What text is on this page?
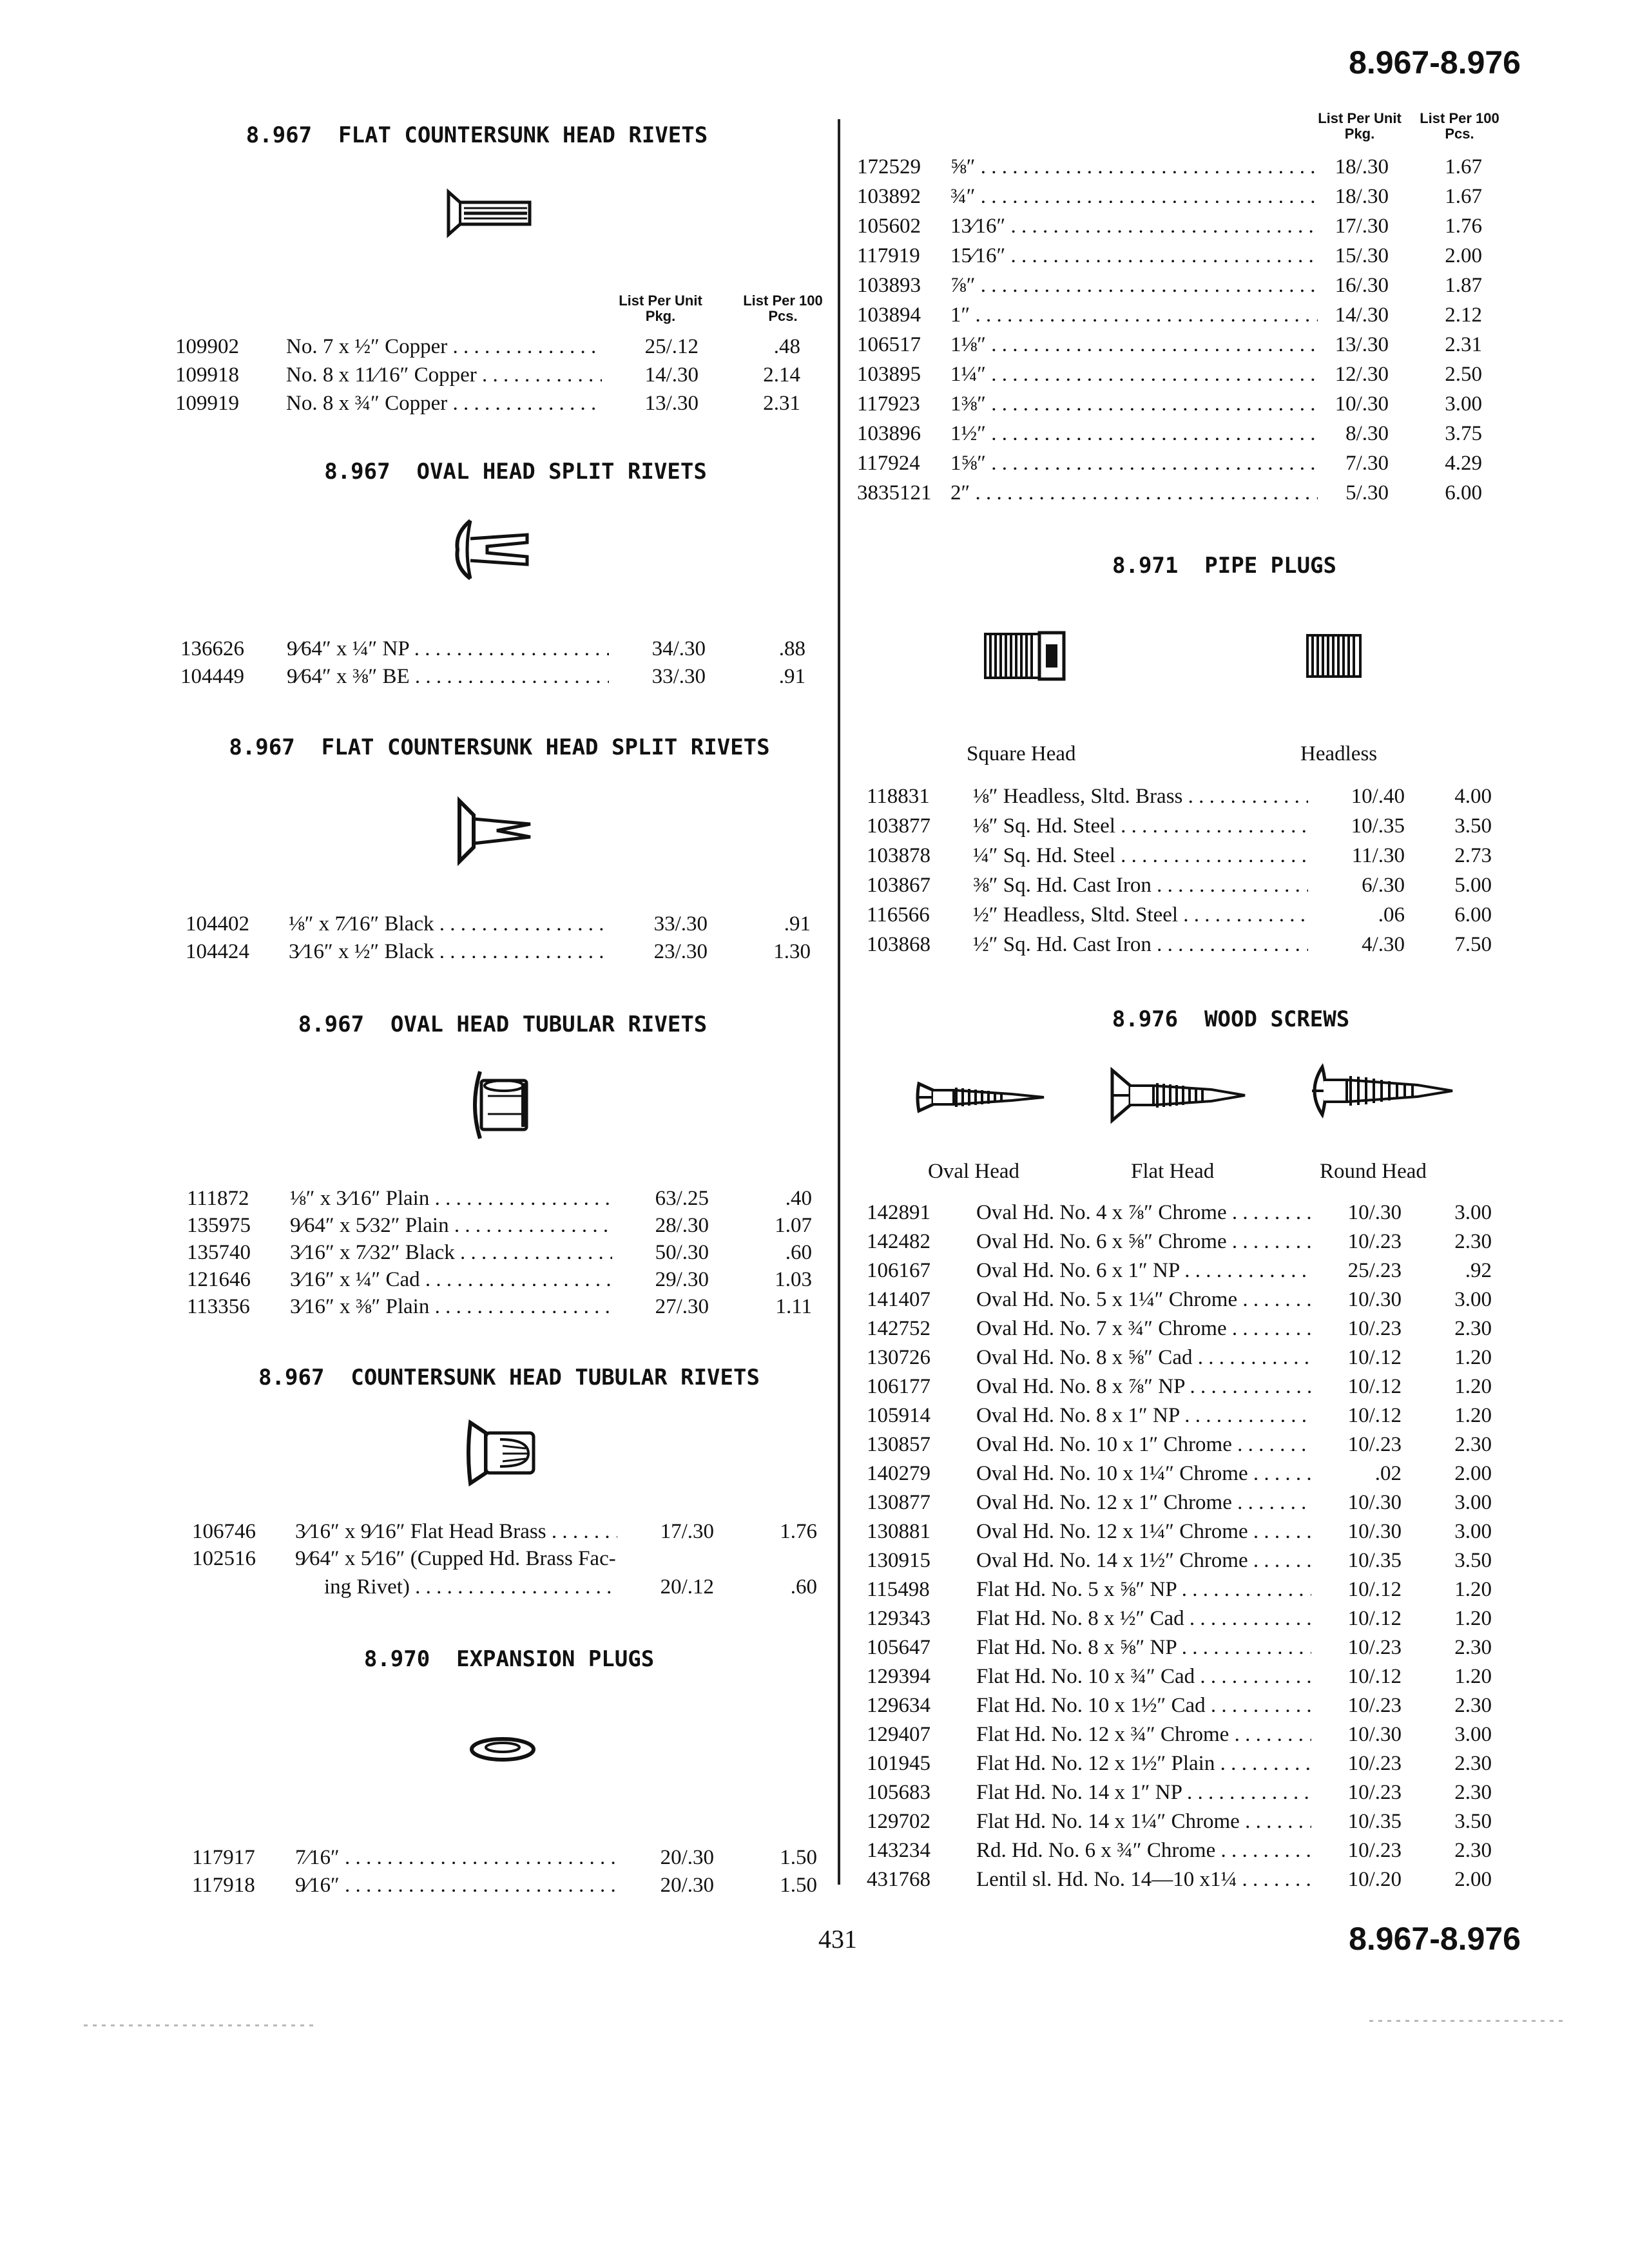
8.967-8.976
8.967-8.976
431
8.967  FLAT COUNTERSUNK HEAD RIVETS
List Per Unit Pkg.
List Per 100 Pcs.
109902	No. 7 x ½″ Copper . . .	25/.12	.48
109918	No. 8 x 11⁄16″ Copper . . .	14/.30	2.14
109919	No. 8 x ¾″ Copper . . .	13/.30	2.31
8.967  OVAL HEAD SPLIT RIVETS
136626	9⁄64″ x ¼″ NP . . .	34/.30	.88
104449	9⁄64″ x ⅜″ BE . . .	33/.30	.91
8.967  FLAT COUNTERSUNK HEAD SPLIT RIVETS
104402	⅛″ x 7⁄16″ Black . . .	33/.30	.91
104424	3⁄16″ x ½″ Black . . .	23/.30	1.30
8.967  OVAL HEAD TUBULAR RIVETS
111872	⅛″ x 3⁄16″ Plain . . .	63/.25	.40
135975	9⁄64″ x 5⁄32″ Plain . . .	28/.30	1.07
135740	3⁄16″ x 7⁄32″ Black . . .	50/.30	.60
121646	3⁄16″ x ¼″ Cad . . .	29/.30	1.03
113356	3⁄16″ x ⅜″ Plain . . .	27/.30	1.11
8.967  COUNTERSUNK HEAD TUBULAR RIVETS
106746 3⁄16″ x 9⁄16″ Flat Head Brass . . .	17/.30	1.76
102516 9⁄64″ x 5⁄16″ (Cupped Hd. Brass Fac-
ing Rivet) . . .	20/.12	.60
8.970  EXPANSION PLUGS
117917	7⁄16″ . . .	20/.30	1.50
117918	9⁄16″ . . .	20/.30	1.50
List Per Unit Pkg.
List Per 100 Pcs.
172529	⅝″ . . .	18/.30	1.67
103892	¾″ . . .	18/.30	1.67
105602	13⁄16″ . . .	17/.30	1.76
117919	15⁄16″ . . .	15/.30	2.00
103893	⅞″ . . .	16/.30	1.87
103894	1″ . . .	14/.30	2.12
106517	1⅛″ . . .	13/.30	2.31
103895	1¼″ . . .	12/.30	2.50
117923	1⅜″ . . .	10/.30	3.00
103896	1½″ . . .	8/.30	3.75
117924	1⅝″ . . .	7/.30	4.29
3835121 2″ . . .	5/.30	6.00
8.971  PIPE PLUGS
Square Head	Headless
118831	⅛″ Headless, Sltd. Brass . . .	10/.40	4.00
103877	⅛″ Sq. Hd. Steel . . .	10/.35	3.50
103878	¼″ Sq. Hd. Steel . . .	11/.30	2.73
103867	⅜″ Sq. Hd. Cast Iron . . .	6/.30	5.00
116566	½″ Headless, Sltd. Steel . . .	.06	6.00
103868	½″ Sq. Hd. Cast Iron . . .	4/.30	7.50
8.976  WOOD SCREWS
Oval Head	Flat Head	Round Head
142891	Oval Hd. No. 4 x ⅞″ Chrome . . .	10/.30	3.00
142482	Oval Hd. No. 6 x ⅝″ Chrome . . .	10/.23	2.30
106167	Oval Hd. No. 6 x 1″ NP . . .	25/.23	.92
141407	Oval Hd. No. 5 x 1¼″ Chrome . . .	10/.30	3.00
142752	Oval Hd. No. 7 x ¾″ Chrome . . .	10/.23	2.30
130726	Oval Hd. No. 8 x ⅝″ Cad . . .	10/.12	1.20
106177	Oval Hd. No. 8 x ⅞″ NP . . .	10/.12	1.20
105914	Oval Hd. No. 8 x 1″ NP . . .	10/.12	1.20
130857	Oval Hd. No. 10 x 1″ Chrome . . .	10/.23	2.30
140279	Oval Hd. No. 10 x 1¼″ Chrome . . .	.02	2.00
130877	Oval Hd. No. 12 x 1″ Chrome . . .	10/.30	3.00
130881	Oval Hd. No. 12 x 1¼″ Chrome . . .	10/.30	3.00
130915	Oval Hd. No. 14 x 1½″ Chrome . . .	10/.35	3.50
115498	Flat Hd. No. 5 x ⅝″ NP . . .	10/.12	1.20
129343	Flat Hd. No. 8 x ½″ Cad . . .	10/.12	1.20
105647	Flat Hd. No. 8 x ⅝″ NP . . .	10/.23	2.30
129394	Flat Hd. No. 10 x ¾″ Cad . . .	10/.12	1.20
129634	Flat Hd. No. 10 x 1½″ Cad . . .	10/.23	2.30
129407	Flat Hd. No. 12 x ¾″ Chrome . . .	10/.30	3.00
101945	Flat Hd. No. 12 x 1½″ Plain . . .	10/.23	2.30
105683	Flat Hd. No. 14 x 1″ NP . . .	10/.23	2.30
129702	Flat Hd. No. 14 x 1¼″ Chrome . . .	10/.35	3.50
143234	Rd. Hd. No. 6 x ¾″ Chrome . . .	10/.23	2.30
431768	Lentil sl. Hd. No. 14—10 x1¼ . . .	10/.20	2.00
